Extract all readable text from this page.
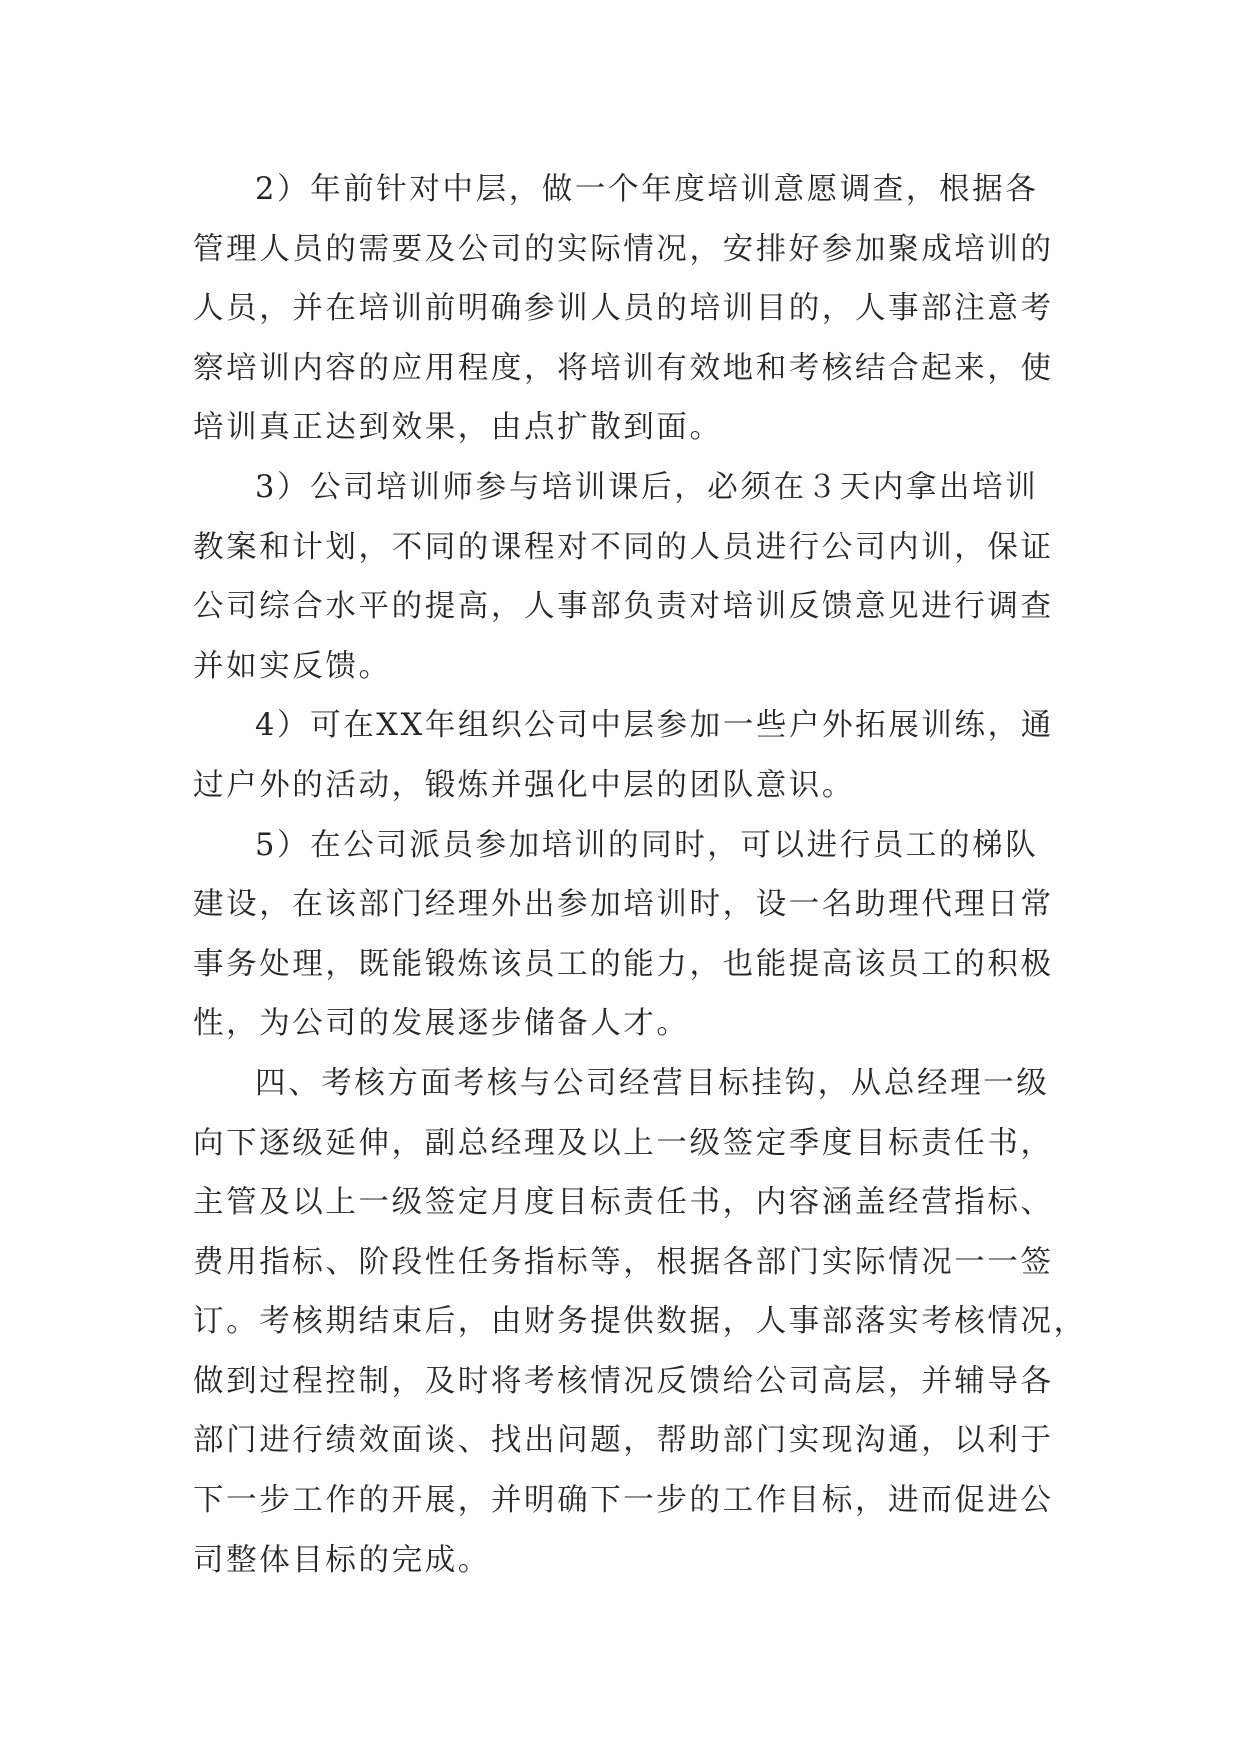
2）年前针对中层，做一个年度培训意愿调查，根据各
管理人员的需要及公司的实际情况，安排好参加聚成培训的
人员，并在培训前明确参训人员的培训目的，人事部注意考
察培训内容的应用程度，将培训有效地和考核结合起来，使
培训真正达到效果，由点扩散到面。
3）公司培训师参与培训课后，必须在３天内拿出培训
教案和计划，不同的课程对不同的人员进行公司内训，保证
公司综合水平的提高，人事部负责对培训反馈意见进行调查
并如实反馈。
4）可在XX年组织公司中层参加一些户外拓展训练，通
过户外的活动，锻炼并强化中层的团队意识。
5）在公司派员参加培训的同时，可以进行员工的梯队
建设，在该部门经理外出参加培训时，设一名助理代理日常
事务处理，既能锻炼该员工的能力，也能提高该员工的积极
性，为公司的发展逐步储备人才。
四、考核方面考核与公司经营目标挂钩，从总经理一级
向下逐级延伸，副总经理及以上一级签定季度目标责任书，
主管及以上一级签定月度目标责任书，内容涵盖经营指标、
费用指标、阶段性任务指标等，根据各部门实际情况一一签
订。考核期结束后，由财务提供数据，人事部落实考核情况，
做到过程控制，及时将考核情况反馈给公司高层，并辅导各
部门进行绩效面谈、找出问题，帮助部门实现沟通，以利于
下一步工作的开展，并明确下一步的工作目标，进而促进公
司整体目标的完成。
